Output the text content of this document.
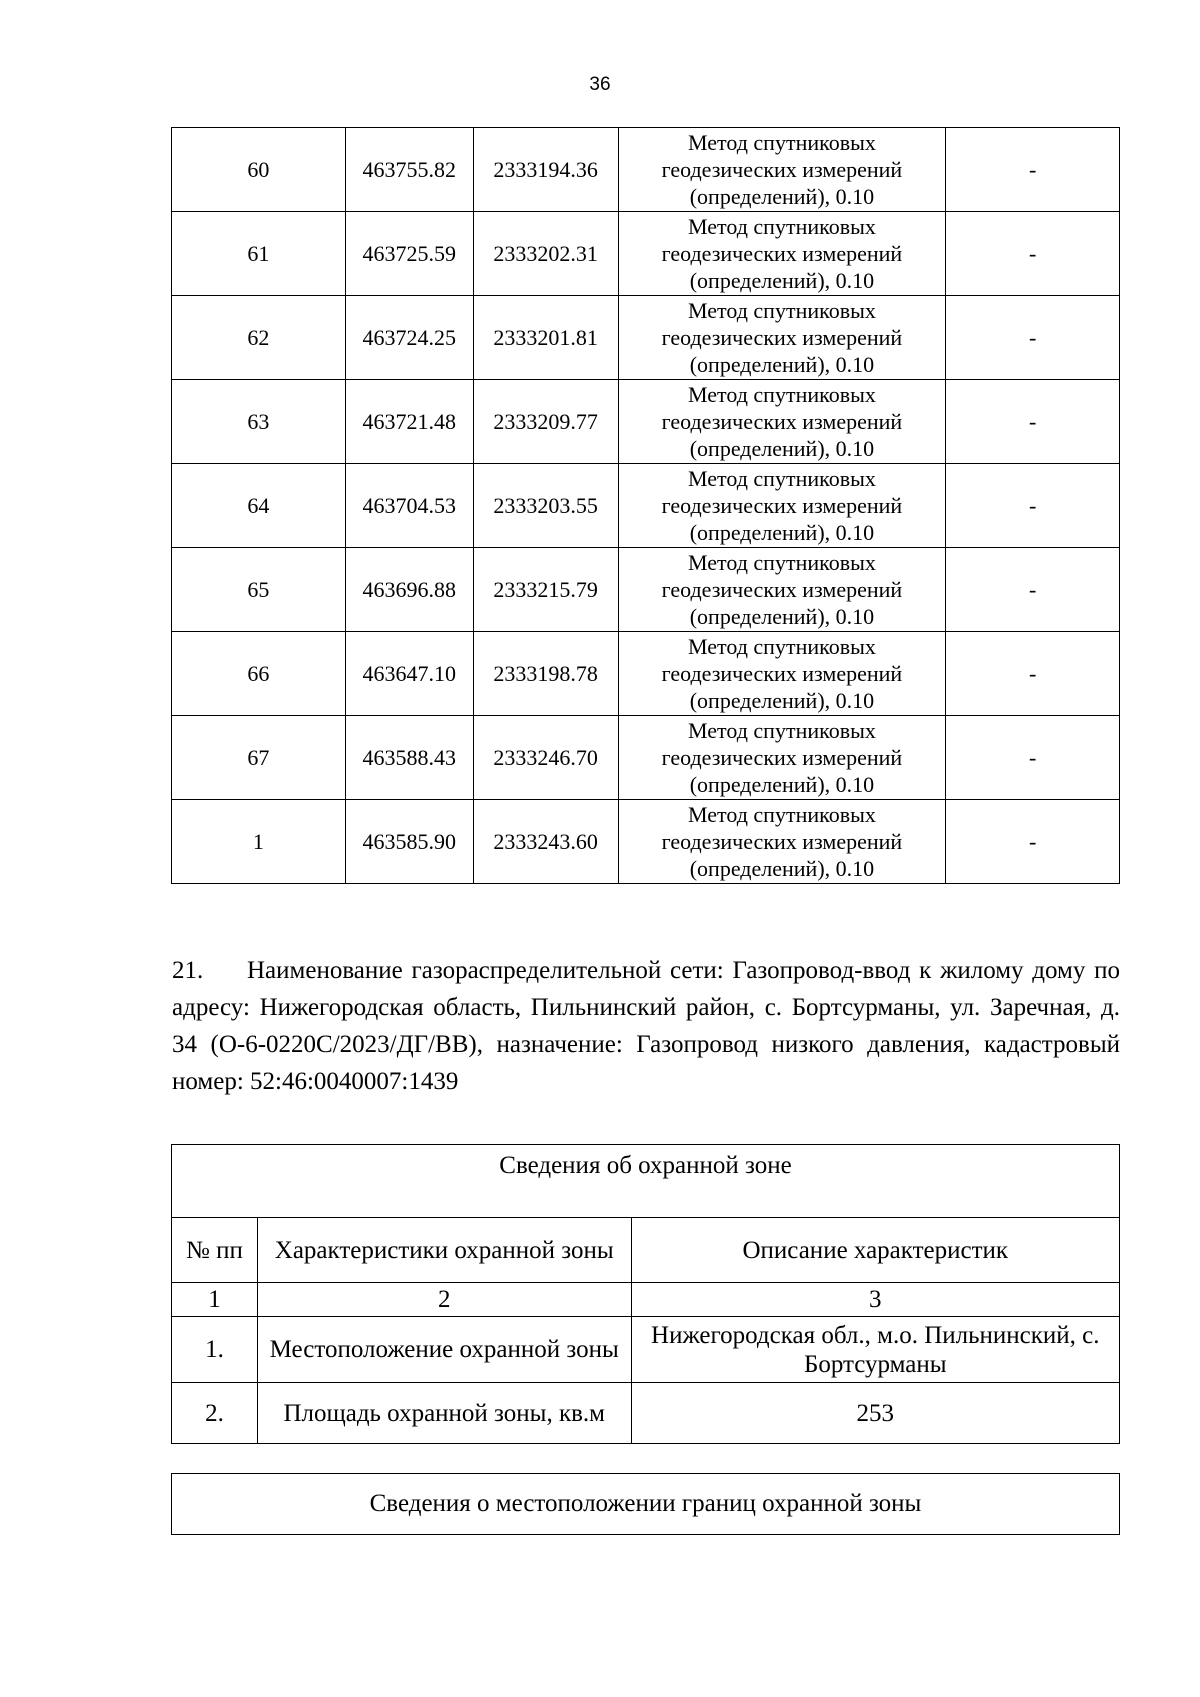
36
60	463755.82	2333194.36	Метод спутниковых
геодезических измерений
(определений), 0.10	-
61	463725.59	2333202.31	Метод спутниковых
геодезических измерений
(определений), 0.10	-
62	463724.25	2333201.81	Метод спутниковых
геодезических измерений
(определений), 0.10	-
63	463721.48	2333209.77	Метод спутниковых
геодезических измерений
(определений), 0.10	-
64	463704.53	2333203.55	Метод спутниковых
геодезических измерений
(определений), 0.10	-
65	463696.88	2333215.79	Метод спутниковых
геодезических измерений
(определений), 0.10	-
66	463647.10	2333198.78	Метод спутниковых
геодезических измерений
(определений), 0.10	-
67	463588.43	2333246.70	Метод спутниковых
геодезических измерений
(определений), 0.10	-
1	463585.90	2333243.60	Метод спутниковых
геодезических измерений
(определений), 0.10	-

21. Наименование газораспределительной сети: Газопровод-ввод к жилому дому по адресу: Нижегородская область, Пильнинский район, с. Бортсурманы, ул. Заречная, д. 34 (О-6-0220С/2023/ДГ/ВВ), назначение: Газопровод низкого давления, кадастровый номер: 52:46:0040007:1439

Сведения об охранной зоне		
№ пп	Характеристики охранной зоны	Описание характеристик
1	2	3
1.	Местоположение охранной зоны	Нижегородская обл., м.о. Пильнинский, с. Бортсурманы
2.	Площадь охранной зоны, кв.м	253
Сведения о местоположении границ охранной зоны
